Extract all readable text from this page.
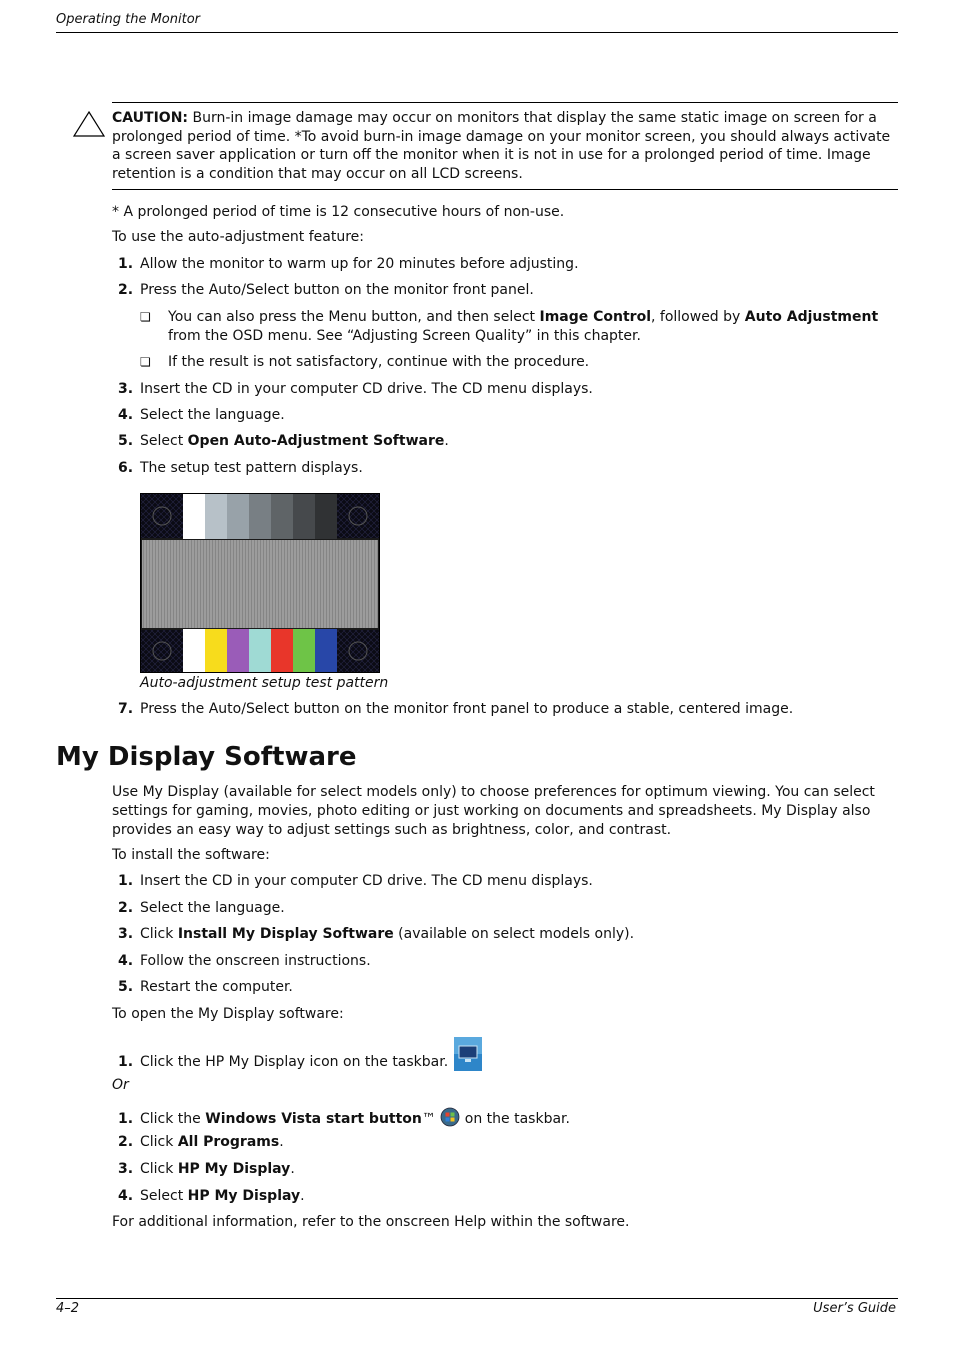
Operating the Monitor
CAUTION: Burn-in image damage may occur on monitors that display the same static image on screen for a prolonged period of time. *To avoid burn-in image damage on your monitor screen, you should always activate a screen saver application or turn off the monitor when it is not in use for a prolonged period of time. Image retention is a condition that may occur on all LCD screens.
* A prolonged period of time is 12 consecutive hours of non-use.
To use the auto-adjustment feature:
1. Allow the monitor to warm up for 20 minutes before adjusting.
2. Press the Auto/Select button on the monitor front panel.
❏ You can also press the Menu button, and then select Image Control, followed by Auto Adjustment from the OSD menu. See “Adjusting Screen Quality” in this chapter.
❏ If the result is not satisfactory, continue with the procedure.
3. Insert the CD in your computer CD drive. The CD menu displays.
4. Select the language.
5. Select Open Auto-Adjustment Software.
6. The setup test pattern displays.
Auto-adjustment setup test pattern
7. Press the Auto/Select button on the monitor front panel to produce a stable, centered image.
My Display Software
Use My Display (available for select models only) to choose preferences for optimum viewing. You can select settings for gaming, movies, photo editing or just working on documents and spreadsheets. My Display also provides an easy way to adjust settings such as brightness, color, and contrast.
To install the software:
1. Insert the CD in your computer CD drive. The CD menu displays.
2. Select the language.
3. Click Install My Display Software (available on select models only).
4. Follow the onscreen instructions.
5. Restart the computer.
To open the My Display software:
1. Click the HP My Display icon on the taskbar.
Or
1. Click the Windows Vista start button™  on the taskbar.
2. Click All Programs.
3. Click HP My Display.
4. Select HP My Display.
For additional information, refer to the onscreen Help within the software.
4–2	User’s Guide
